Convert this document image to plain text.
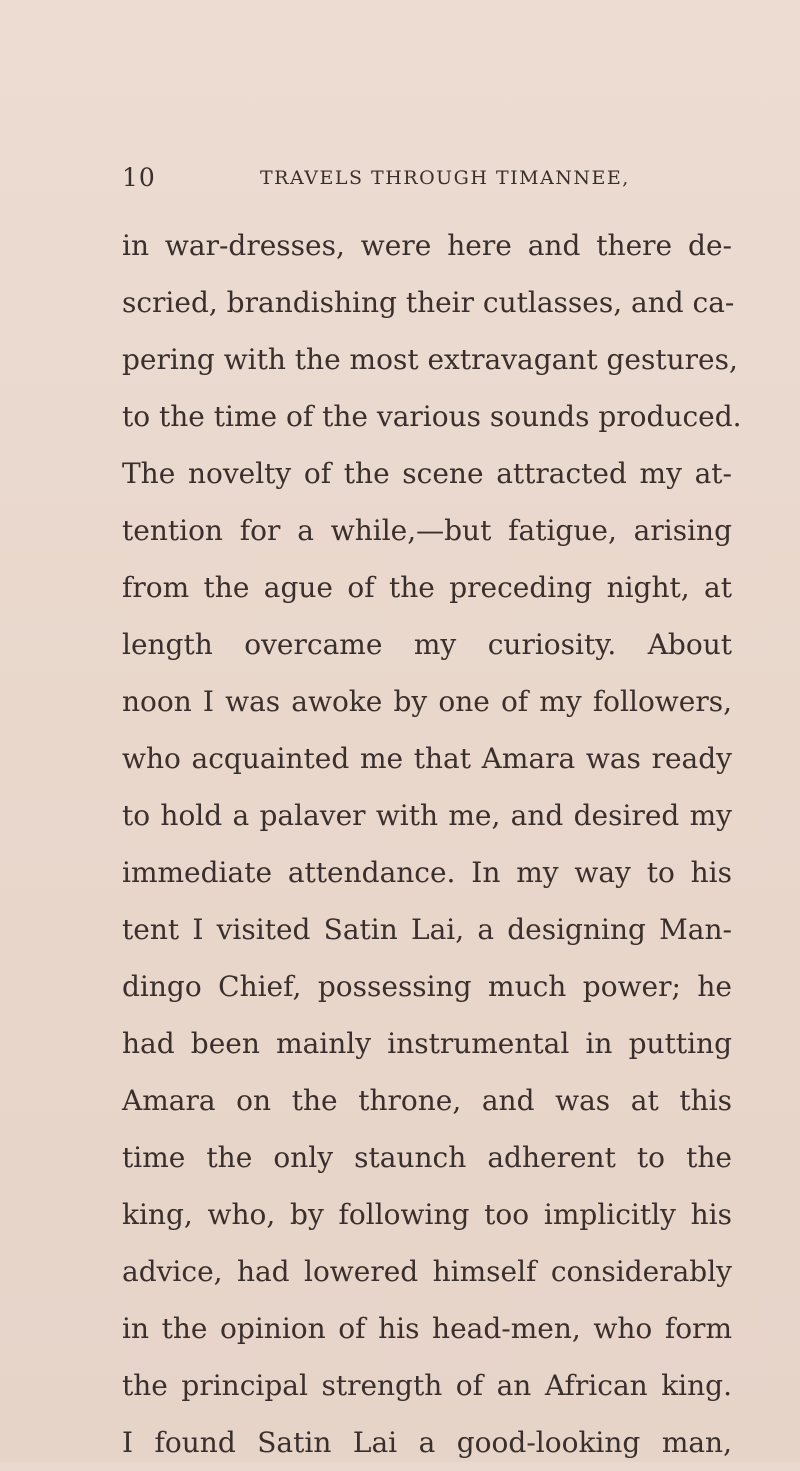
10	TRAVELS THROUGH TIMANNEE,
in war-dresses, were here and there de-
scried, brandishing their cutlasses, and ca-
pering with the most extravagant gestures,
to the time of the various sounds produced.
The novelty of the scene attracted my at-
tention for a while,—but fatigue, arising
from the ague of the preceding night, at
length overcame my curiosity. About
noon I was awoke by one of my followers,
who acquainted me that Amara was ready
to hold a palaver with me, and desired my
immediate attendance. In my way to his
tent I visited Satin Lai, a designing Man-
dingo Chief, possessing much power; he
had been mainly instrumental in putting
Amara on the throne, and was at this
time the only staunch adherent to the
king, who, by following too implicitly his
advice, had lowered himself considerably
in the opinion of his head-men, who form
the principal strength of an African king.
I found Satin Lai a good-looking man,
